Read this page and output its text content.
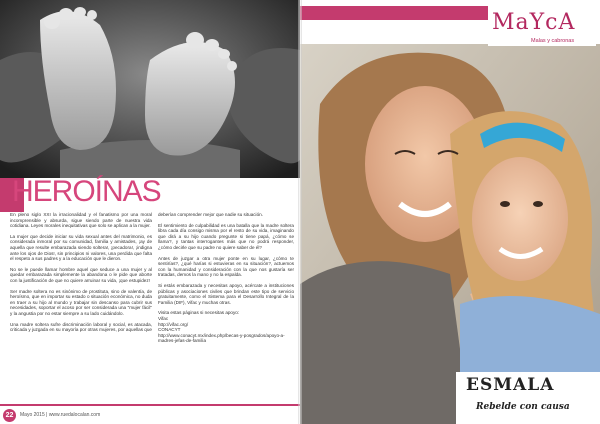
HEROÍNAS

En pleno siglo XXI la irracionalidad y el fanatismo por una moral incomprensible y absurda, sigue siendo parte de nuestra vida cotidiana. Leyes morales inequitativas que solo se aplican a la mujer.

La mujer que decide iniciar su vida sexual antes del matrimonio, es considerada inmoral por su comunidad, familia y amistades, ¡ay de aquella que resulte embarazada siendo soltera!, ¡pecadora!, ¡indigna ante los ojos de Dios!, sin principios ni valores, una perdida que falta el respeto a sus padres y a la educación que le dieron.

No se le puede llamar hombre aquel que seduce a una mujer y al quedar embarazada simplemente la abandona o le pide que aborte con la justificación de que no quiere arruinar su vida, ¡que estupidez!

Ser madre soltera no es sinónimo de prostituta, sino de valentía, de heroísmo, que en importar su estado o situación económica, no duda en traer a su hijo al mundo y trabajar sin descanso para cubrir sus necesidades, soportar el acoso por ser considerada una "mujer fácil" y la angustia por no estar siempre a su lado cuidándolo.

Una madre soltera sufre discriminación laboral y social, es atacada, criticada y juzgada en su mayoría por otras mujeres, por aquellas que

deberían comprender mejor que nadie su situación.

El sentimiento de culpabilidad es una batalla que la madre soltera libra cada día consigo misma por el resto de su vida, imaginando que dirá a su hijo cuando pregunte si tiene papá, ¿cómo se llama?, y tantas interrogantes más que no podrá responder, ¿cómo decirle que su padre no quiere saber de él?

Antes de juzgar a otra mujer ponte en su lugar, ¿cómo te sentirías?, ¿qué harías si estuvieras en su situación?, actuemos con la humanidad y consideración con la que nos gustaría ser tratadas, demos la mano y no la espalda.

Si estás embarazada y necesitas apoyo, acércate a instituciones públicas y asociaciones civiles que brindan este tipo de servicio gratuitamente, como el Sistema para el Desarrollo Integral de la Familia (DIF), Vifac y muchas otras.

Visita estas páginas si necesitas apoyo:
Vifac
http://vifac.org/
CONACYT
http://www.conacyt.mx/index.php/becas-y-posgrados/apoyo-a-madres-jefas-de-familia

22	Mayo 2015 | www.ruedalocalan.com
MaYcA
Malas y cabronas
ESMALA
Rebelde con causa
